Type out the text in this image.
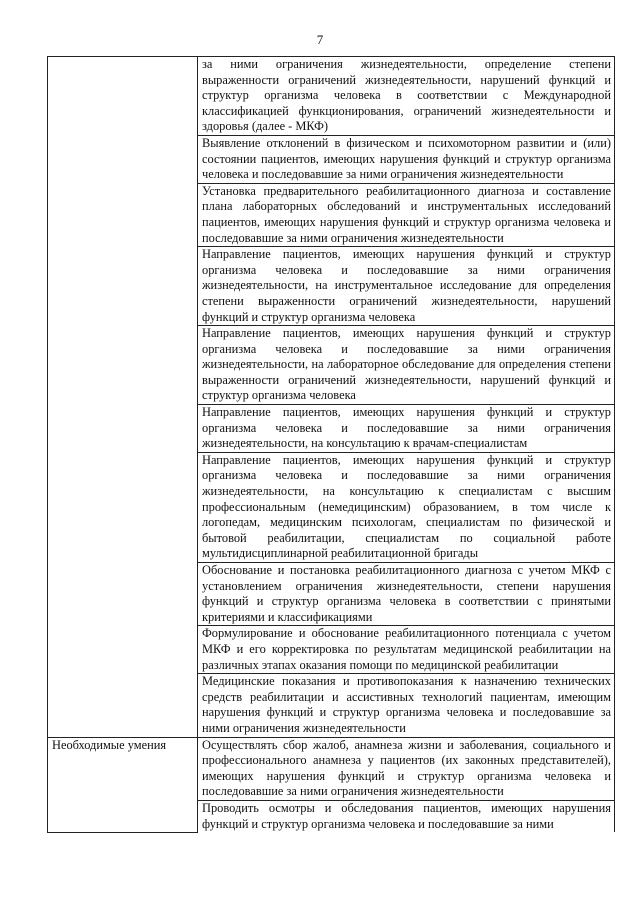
7
	за ними ограничения жизнедеятельности, определение степени выраженности ограничений жизнедеятельности, нарушений функций и структур организма человека в соответствии с Международной классификацией функционирования, ограничений жизнедеятельности и здоровья (далее - МКФ)
	Выявление отклонений в физическом и психомоторном развитии и (или) состоянии пациентов, имеющих нарушения функций и структур организма человека и последовавшие за ними ограничения жизнедеятельности
	Установка предварительного реабилитационного диагноза и составление плана лабораторных обследований и инструментальных исследований пациентов, имеющих нарушения функций и структур организма человека и последовавшие за ними ограничения жизнедеятельности
	Направление пациентов, имеющих нарушения функций и структур организма человека и последовавшие за ними ограничения жизнедеятельности, на инструментальное исследование для определения степени выраженности ограничений жизнедеятельности, нарушений функций и структур организма человека
	Направление пациентов, имеющих нарушения функций и структур организма человека и последовавшие за ними ограничения жизнедеятельности, на лабораторное обследование для определения степени выраженности ограничений жизнедеятельности, нарушений функций и структур организма человека
	Направление пациентов, имеющих нарушения функций и структур организма человека и последовавшие за ними ограничения жизнедеятельности, на консультацию к врачам-специалистам
	Направление пациентов, имеющих нарушения функций и структур организма человека и последовавшие за ними ограничения жизнедеятельности, на консультацию к специалистам с высшим профессиональным (немедицинским) образованием, в том числе к логопедам, медицинским психологам, специалистам по физической и бытовой реабилитации, специалистам по социальной работе мультидисциплинарной реабилитационной бригады
	Обоснование и постановка реабилитационного диагноза с учетом МКФ с установлением ограничения жизнедеятельности, степени нарушения функций и структур организма человека в соответствии с принятыми критериями и классификациями
	Формулирование и обоснование реабилитационного потенциала с учетом МКФ и его корректировка по результатам медицинской реабилитации на различных этапах оказания помощи по медицинской реабилитации
	Медицинские показания и противопоказания к назначению технических средств реабилитации и ассистивных технологий пациентам, имеющим нарушения функций и структур организма человека и последовавшие за ними ограничения жизнедеятельности
Необходимые умения	Осуществлять сбор жалоб, анамнеза жизни и заболевания, социального и профессионального анамнеза у пациентов (их законных представителей), имеющих нарушения функций и структур организма человека и последовавшие за ними ограничения жизнедеятельности
	Проводить осмотры и обследования пациентов, имеющих нарушения функций и структур организма человека и последовавшие за ними
